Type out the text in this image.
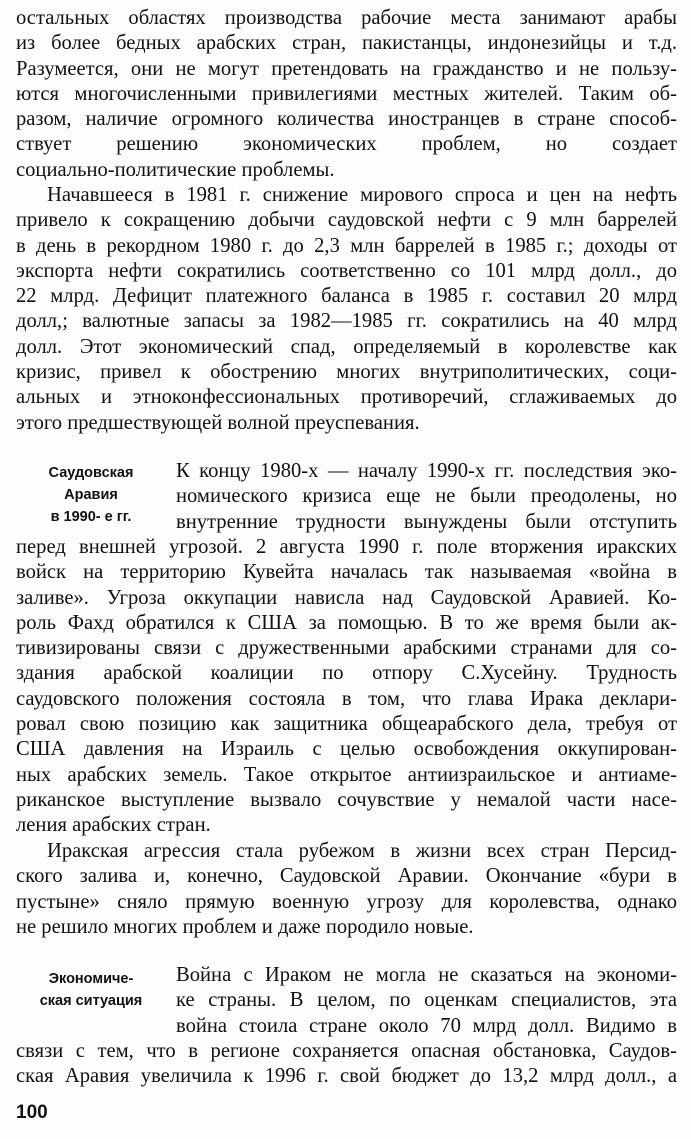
остальных областях производства рабочие места занимают арабы
из более бедных арабских стран, пакистанцы, индонезийцы и т.д.
Разумеется, они не могут претендовать на гражданство и не пользу-
ются многочисленными привилегиями местных жителей. Таким об-
разом, наличие огромного количества иностранцев в стране способ-
ствует решению экономических проблем, но создает
социально-политические проблемы.
Начавшееся в 1981 г. снижение мирового спроса и цен на нефть
привело к сокращению добычи саудовской нефти с 9 млн баррелей
в день в рекордном 1980 г. до 2,3 млн баррелей в 1985 г.; доходы от
экспорта нефти сократились соответственно со 101 млрд долл., до
22 млрд. Дефицит платежного баланса в 1985 г. составил 20 млрд
долл,; валютные запасы за 1982—1985 гг. сократились на 40 млрд
долл. Этот экономический спад, определяемый в королевстве как
кризис, привел к обострению многих внутриполитических, соци-
альных и этноконфессиональных противоречий, сглаживаемых до
этого предшествующей волной преуспевания.
Саудовская
Аравия
в 1990- е гг.
К концу 1980-х — началу 1990-х гг. последствия эко-
номического кризиса еще не были преодолены, но
внутренние трудности вынуждены были отступить
перед внешней угрозой. 2 августа 1990 г. поле вторжения иракских
войск на территорию Кувейта началась так называемая «война в
заливе». Угроза оккупации нависла над Саудовской Аравией. Ко-
роль Фахд обратился к США за помощью. В то же время были ак-
тивизированы связи с дружественными арабскими странами для со-
здания арабской коалиции по отпору С.Хусейну. Трудность
саудовского положения состояла в том, что глава Ирака деклари-
ровал свою позицию как защитника общеарабского дела, требуя от
США давления на Израиль с целью освобождения оккупирован-
ных арабских земель. Такое открытое антиизраильское и антиаме-
риканское выступление вызвало сочувствие у немалой части насе-
ления арабских стран.
Иракская агрессия стала рубежом в жизни всех стран Персид-
ского залива и, конечно, Саудовской Аравии. Окончание «бури в
пустыне» сняло прямую военную угрозу для королевства, однако
не решило многих проблем и даже породило новые.
Экономиче-
ская ситуация
Война с Ираком не могла не сказаться на экономи-
ке страны. В целом, по оценкам специалистов, эта
война стоила стране около 70 млрд долл. Видимо в
связи с тем, что в регионе сохраняется опасная обстановка, Саудов-
ская Аравия увеличила к 1996 г. свой бюджет до 13,2 млрд долл., а
100
